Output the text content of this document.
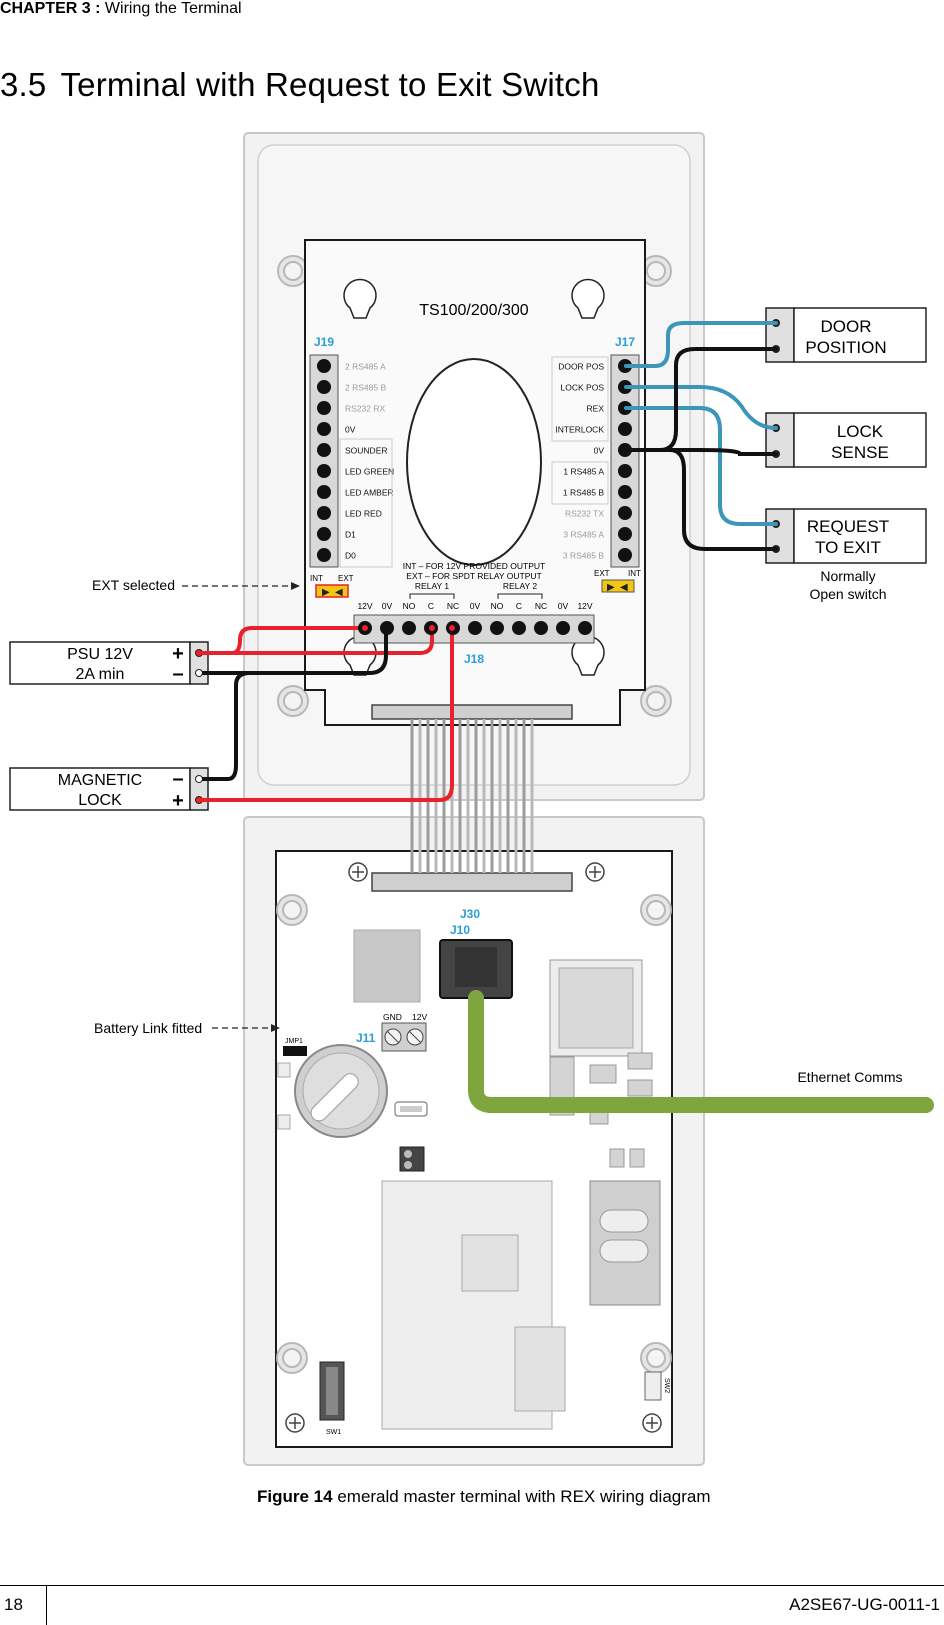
CHAPTER 3 : Wiring the Terminal
3.5 Terminal with Request to Exit Switch
TS100/200/300
J19
2 RS485 A
2 RS485 B
RS232 RX
0V
SOUNDER
LED GREEN
LED AMBER
LED RED
D1
D0
J17
DOOR POS
LOCK POS
REX
INTERLOCK
0V
1 RS485 A
1 RS485 B
RS232 TX
3 RS485 A
3 RS485 B
INT EXT
▶ ◀
EXT INT
▶ ◀
INT – FOR 12V PROVIDED OUTPUT
EXT – FOR SPDT RELAY OUTPUT
RELAY 1	RELAY 2
12V 0V NO C NC 0V NO C NC 0V 12V
J18
J30
J10
GND 12V
J11
JMP1
SW1
SW2
DOOR
POSITION
LOCK
SENSE
REQUEST
TO EXIT
Normally
Open switch
PSU 12V
2A min
+
–
MAGNETIC
LOCK
–
+
EXT selected
Battery Link fitted
Ethernet Comms
Figure 14 emerald master terminal with REX wiring diagram
18	A2SE67-UG-0011-1
